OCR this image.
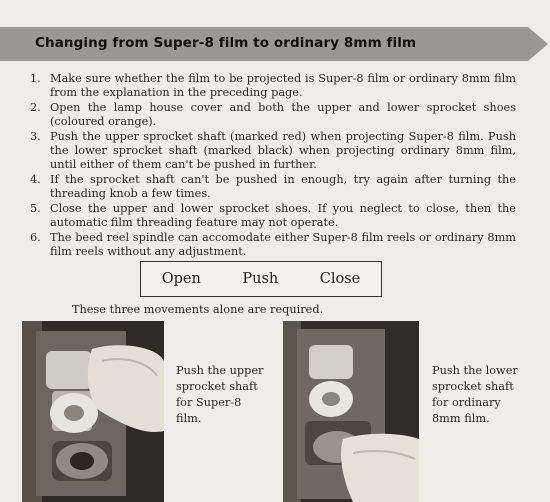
Changing from Super-8 film to ordinary 8mm film
1. Make sure whether the film to be projected is Super-8 film or ordinary 8mm film from the explanation in the preceding page.
2. Open the lamp house cover and both the upper and lower sprocket shoes (coloured orange).
3. Push the upper sprocket shaft (marked red) when projecting Super-8 film. Push the lower sprocket shaft (marked black) when projecting ordinary 8mm film, until either of them can't be pushed in further.
4. If the sprocket shaft can't be pushed in enough, try again after turning the threading knob a few times.
5. Close the upper and lower sprocket shoes. If you neglect to close, then the automatic film threading feature may not operate.
6. The beed reel spindle can accomodate either Super-8 film reels or ordinary 8mm film reels without any adjustment.
Open	Push	Close
These three movements alone are required.
Push the upper
sprocket shaft
for Super-8 film.
Push the lower
sprocket shaft
for ordinary
8mm film.
